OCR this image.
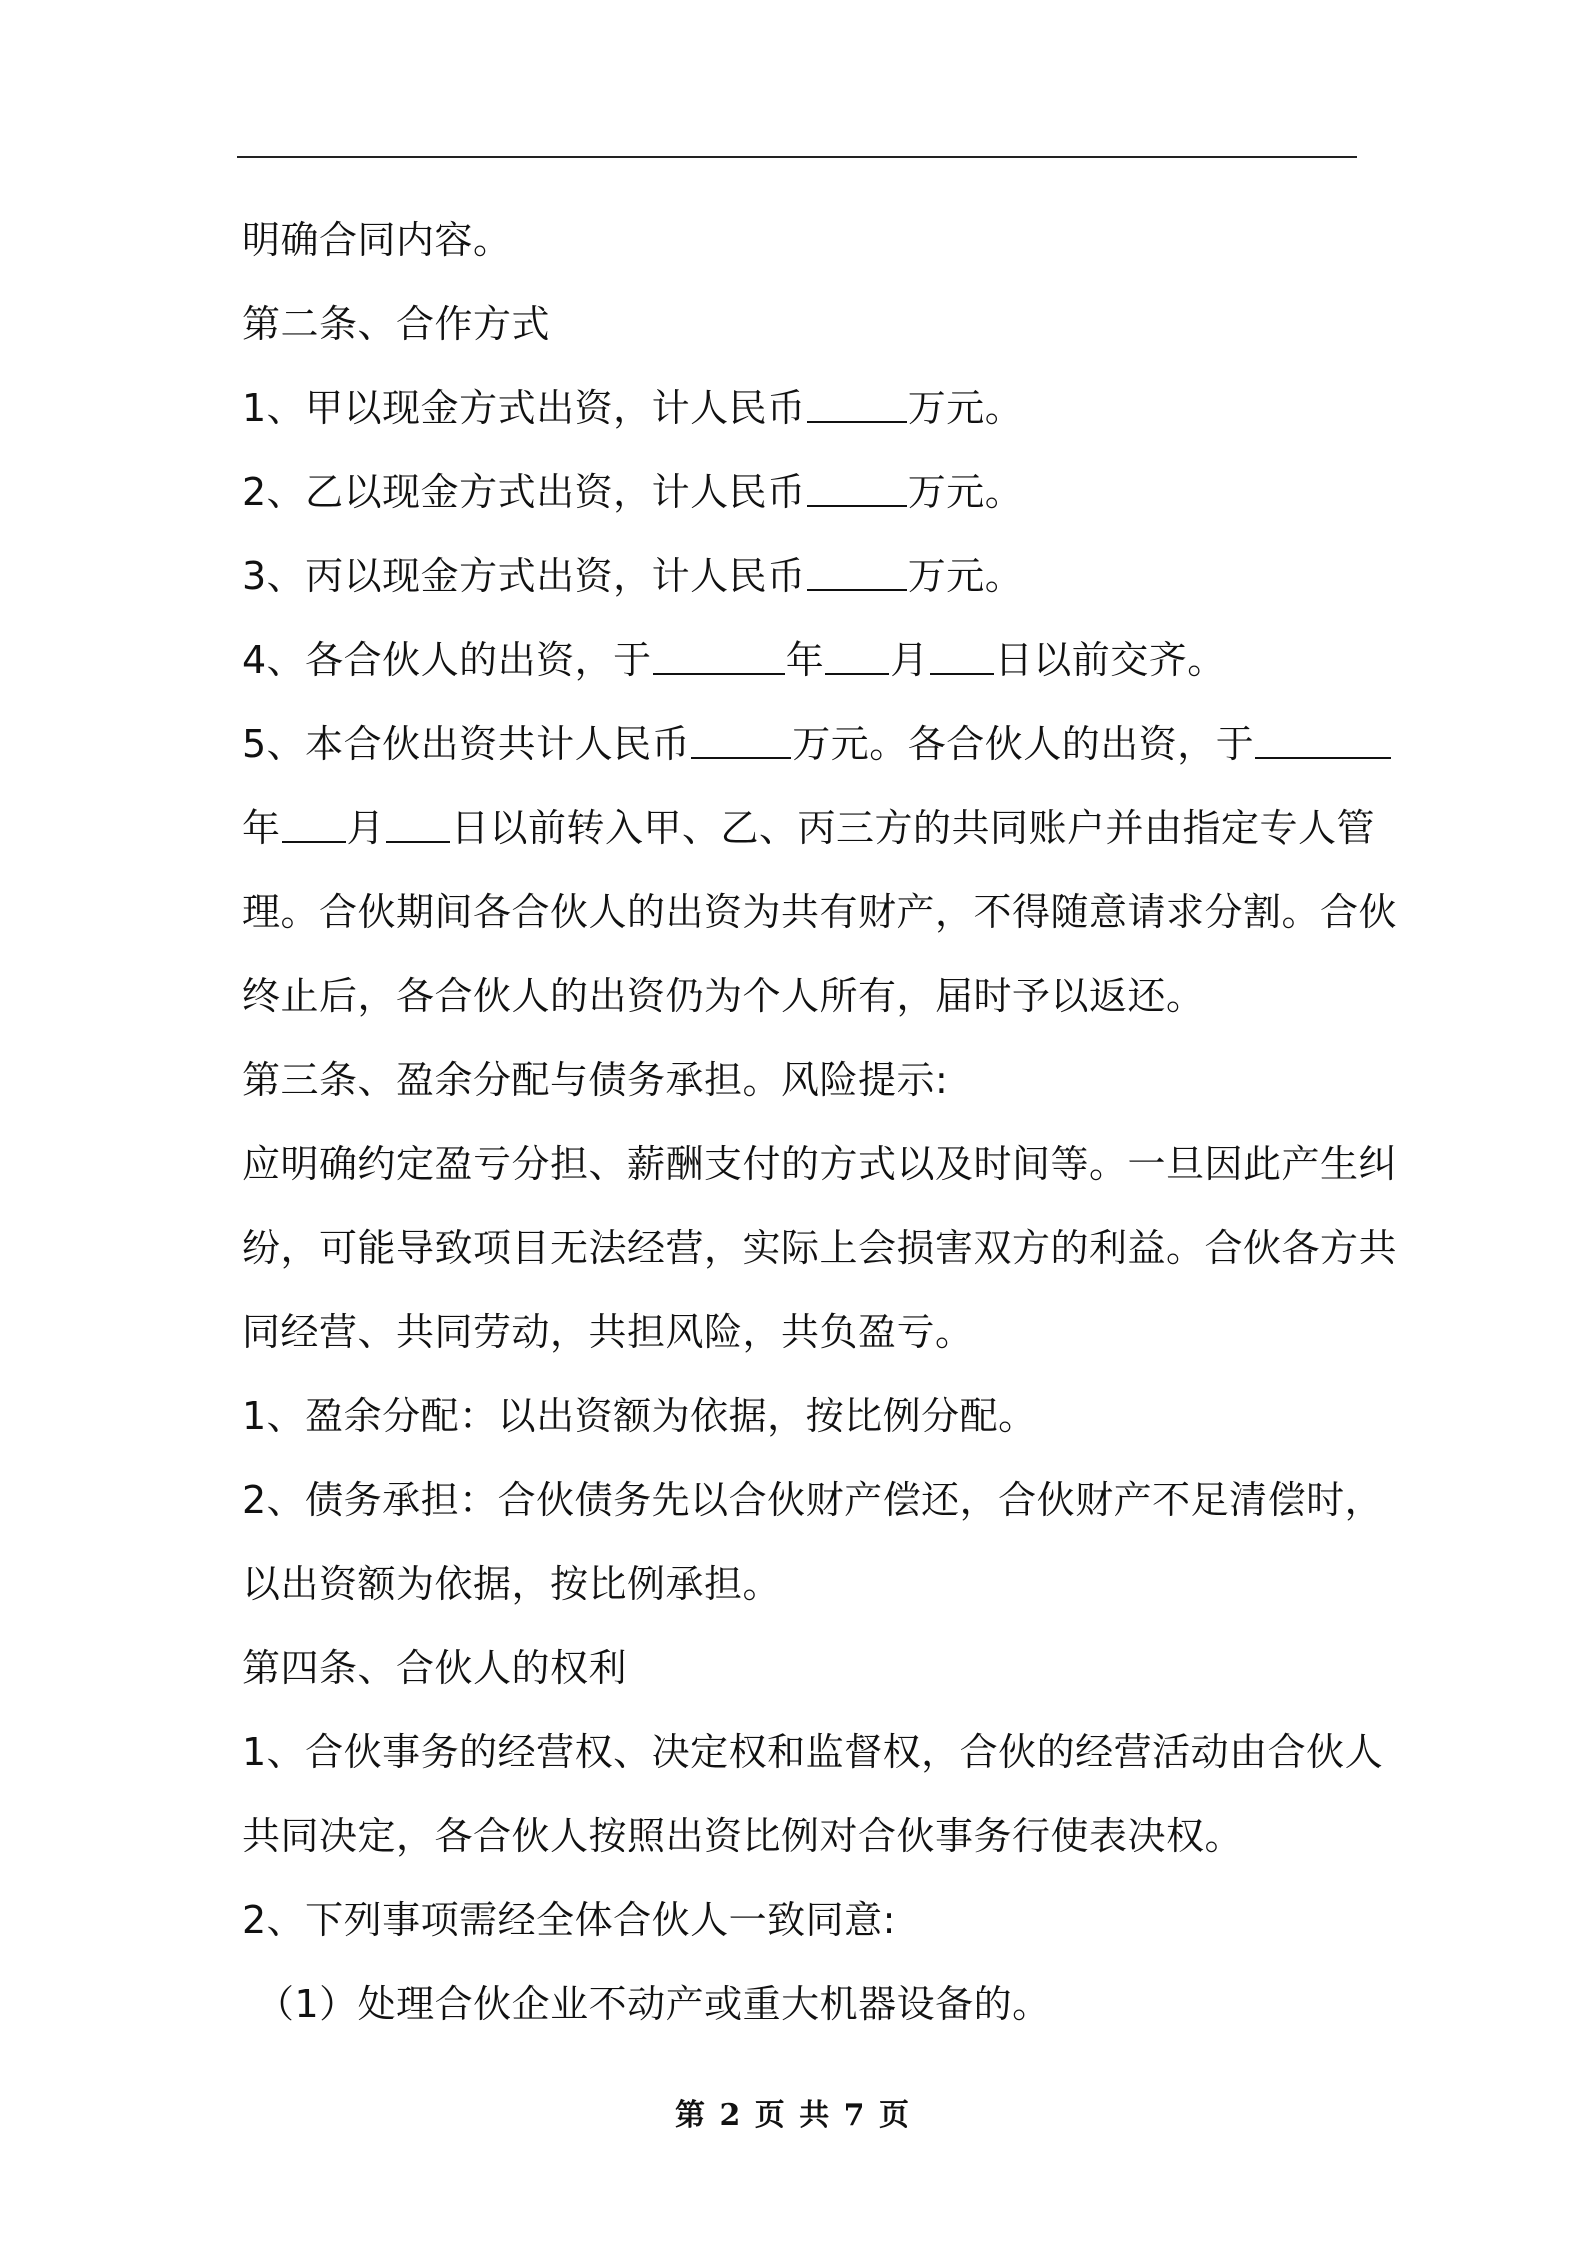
明确合同内容。
第二条、合作方式
1、甲以现金方式出资，计人民币	万元。
2、乙以现金方式出资，计人民币	万元。
3、丙以现金方式出资，计人民币	万元。
4、各合伙人的出资，于	年 月 日以前交齐。
5、本合伙出资共计人民币	万元。各合伙人的出资，于
年 月 日以前转入甲、乙、丙三方的共同账户并由指定专人管
理。合伙期间各合伙人的出资为共有财产，不得随意请求分割。合伙
终止后，各合伙人的出资仍为个人所有，届时予以返还。
第三条、盈余分配与债务承担。风险提示:
应明确约定盈亏分担、薪酬支付的方式以及时间等。一旦因此产生纠
纷，可能导致项目无法经营，实际上会损害双方的利益。合伙各方共
同经营、共同劳动，共担风险，共负盈亏。
1、盈余分配：以出资额为依据，按比例分配。
2、债务承担：合伙债务先以合伙财产偿还，合伙财产不足清偿时，
以出资额为依据，按比例承担。
第四条、合伙人的权利
1、合伙事务的经营权、决定权和监督权，合伙的经营活动由合伙人
共同决定，各合伙人按照出资比例对合伙事务行使表决权。
2、下列事项需经全体合伙人一致同意:
（1）处理合伙企业不动产或重大机器设备的。
第 2 页 共 7 页
